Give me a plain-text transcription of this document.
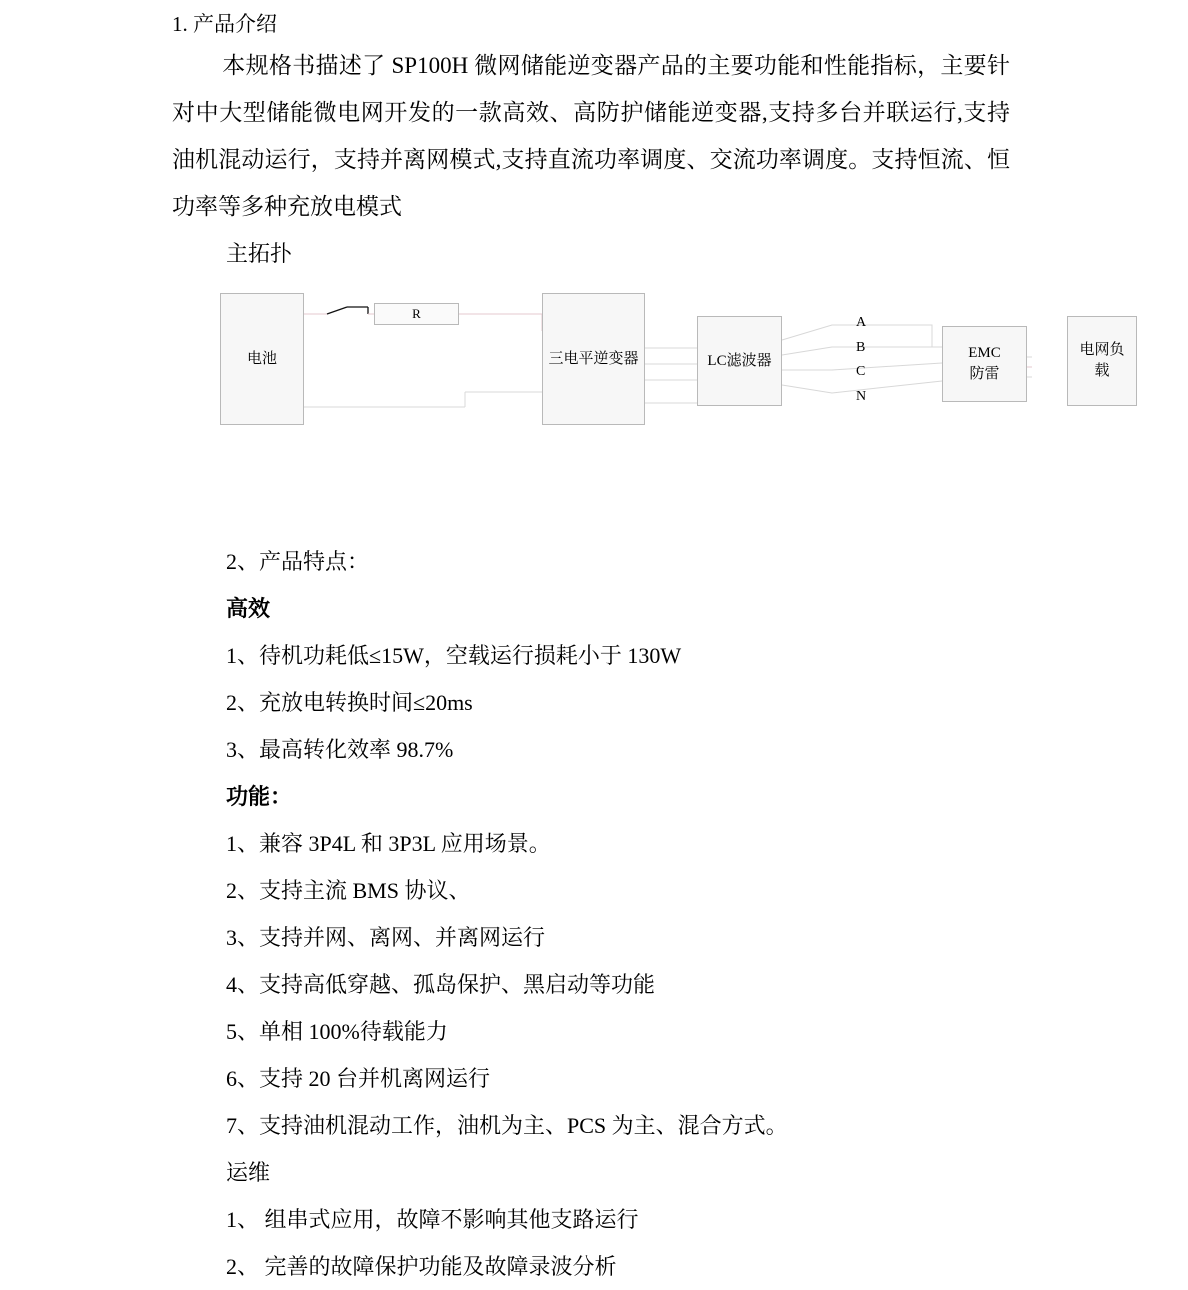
1. 产品介绍
本规格书描述了 SP100H 微网储能逆变器产品的主要功能和性能指标，主要针对中大型储能微电网开发的一款高效、高防护储能逆变器,支持多台并联运行,支持油机混动运行，支持并离网模式,支持直流功率调度、交流功率调度。支持恒流、恒功率等多种充放电模式
主拓扑
电池
R
三电平逆变器	LC滤波器
A
B
C
N
EMC
防雷
电网负
载
2、产品特点：
高效
1、待机功耗低≤15W，空载运行损耗小于 130W
2、充放电转换时间≤20ms
3、最高转化效率 98.7%
功能：
1、兼容 3P4L 和 3P3L 应用场景。
2、支持主流 BMS 协议、
3、支持并网、离网、并离网运行
4、支持高低穿越、孤岛保护、黑启动等功能
5、单相 100%待载能力
6、支持 20 台并机离网运行
7、支持油机混动工作，油机为主、PCS 为主、混合方式。
运维
1、 组串式应用，故障不影响其他支路运行
2、 完善的故障保护功能及故障录波分析
